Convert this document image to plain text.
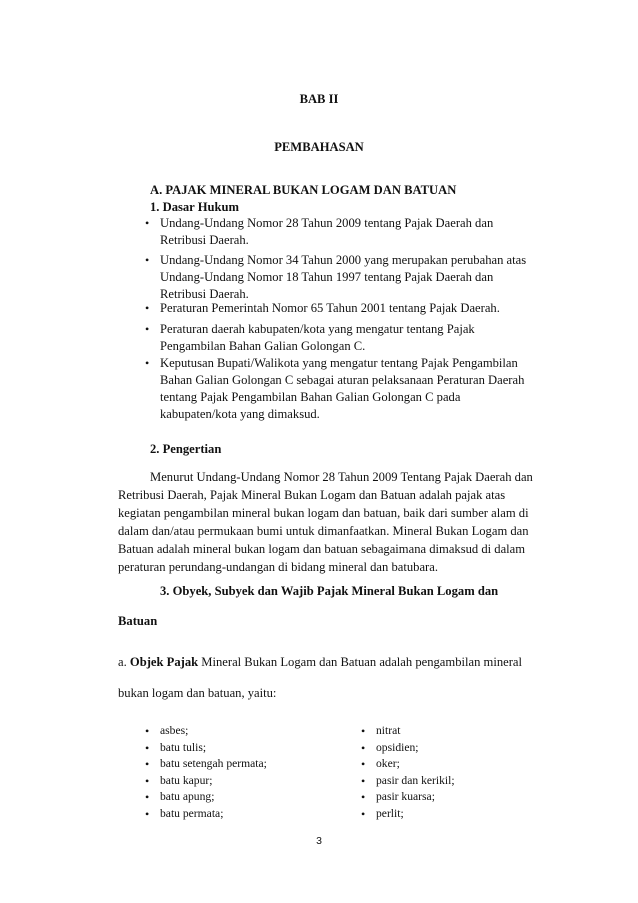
BAB II
PEMBAHASAN
A. PAJAK MINERAL BUKAN LOGAM DAN BATUAN
1. Dasar Hukum
• Undang-Undang Nomor 28 Tahun 2009 tentang Pajak Daerah dan
Retribusi Daerah.
• Undang-Undang Nomor 34 Tahun 2000 yang merupakan perubahan atas
Undang-Undang Nomor 18 Tahun 1997 tentang Pajak Daerah dan
Retribusi Daerah.
• Peraturan Pemerintah Nomor 65 Tahun 2001 tentang Pajak Daerah.
• Peraturan daerah kabupaten/kota yang mengatur tentang Pajak
Pengambilan Bahan Galian Golongan C.
• Keputusan Bupati/Walikota yang mengatur tentang Pajak Pengambilan
Bahan Galian Golongan C sebagai aturan pelaksanaan Peraturan Daerah
tentang Pajak Pengambilan Bahan Galian Golongan C pada
kabupaten/kota yang dimaksud.
2. Pengertian
Menurut Undang-Undang Nomor 28 Tahun 2009 Tentang Pajak Daerah dan
Retribusi Daerah, Pajak Mineral Bukan Logam dan Batuan adalah pajak atas
kegiatan pengambilan mineral bukan logam dan batuan, baik dari sumber alam di
dalam dan/atau permukaan bumi untuk dimanfaatkan. Mineral Bukan Logam dan
Batuan adalah mineral bukan logam dan batuan sebagaimana dimaksud di dalam
peraturan perundang-undangan di bidang mineral dan batubara.
3. Obyek, Subyek dan Wajib Pajak Mineral Bukan Logam dan
Batuan
a. Objek Pajak Mineral Bukan Logam dan Batuan adalah pengambilan mineral
bukan logam dan batuan, yaitu:
• asbes;
• batu tulis;
• batu setengah permata;
• batu kapur;
• batu apung;
• batu permata;
• nitrat
• opsidien;
• oker;
• pasir dan kerikil;
• pasir kuarsa;
• perlit;
3
